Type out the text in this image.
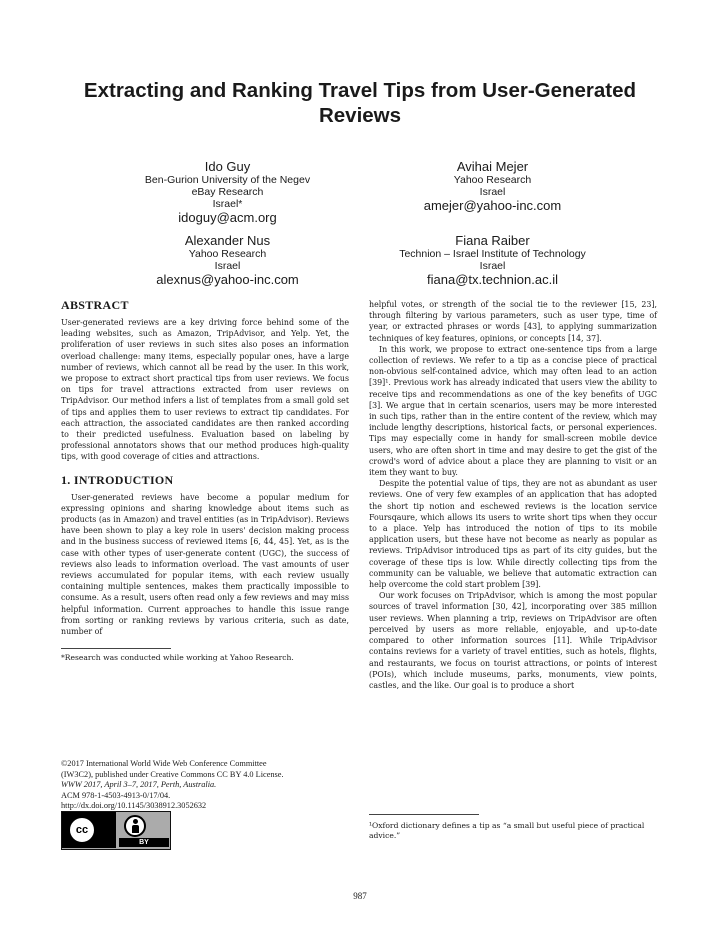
Extracting and Ranking Travel Tips from User-Generated Reviews
Ido Guy
Ben-Gurion University of the Negev
eBay Research
Israel*
idoguy@acm.org
Avihai Mejer
Yahoo Research
Israel
amejer@yahoo-inc.com
Alexander Nus
Yahoo Research
Israel
alexnus@yahoo-inc.com
Fiana Raiber
Technion – Israel Institute of Technology
Israel
fiana@tx.technion.ac.il
ABSTRACT

User-generated reviews are a key driving force behind some of the leading websites, such as Amazon, TripAdvisor, and Yelp. Yet, the proliferation of user reviews in such sites also poses an information overload challenge: many items, especially popular ones, have a large number of reviews, which cannot all be read by the user. In this work, we propose to extract short practical tips from user reviews. We focus on tips for travel attractions extracted from user reviews on TripAdvisor. Our method infers a list of templates from a small gold set of tips and applies them to user reviews to extract tip candidates. For each attraction, the associated candidates are then ranked according to their predicted usefulness. Evaluation based on labeling by professional annotators shows that our method produces high-quality tips, with good coverage of cities and attractions.

1. INTRODUCTION

User-generated reviews have become a popular medium for expressing opinions and sharing knowledge about items such as products (as in Amazon) and travel entities (as in TripAdvisor). Reviews have been shown to play a key role in users' decision making process and in the business success of reviewed items [6, 44, 45]. Yet, as is the case with other types of user-generate content (UGC), the success of reviews also leads to information overload. The vast amounts of user reviews accumulated for popular items, with each review usually containing multiple sentences, makes them practically impossible to consume. As a result, users often read only a few reviews and may miss helpful information. Current approaches to handle this issue range from sorting or ranking reviews by various criteria, such as date, number of

*Research was conducted while working at Yahoo Research.

©2017 International World Wide Web Conference Committee
(IW3C2), published under Creative Commons CC BY 4.0 License.
WWW 2017, April 3–7, 2017, Perth, Australia.
ACM 978-1-4503-4913-0/17/04.
http://dx.doi.org/10.1145/3038912.3052632
cc
BY

helpful votes, or strength of the social tie to the reviewer [15, 23], through filtering by various parameters, such as user type, time of year, or extracted phrases or words [43], to applying summarization techniques of key features, opinions, or concepts [14, 37].

In this work, we propose to extract one-sentence tips from a large collection of reviews. We refer to a tip as a concise piece of practical non-obvious self-contained advice, which may often lead to an action [39]¹. Previous work has already indicated that users view the ability to receive tips and recommendations as one of the key benefits of UGC [3]. We argue that in certain scenarios, users may be more interested in such tips, rather than in the entire content of the review, which may include lengthy descriptions, historical facts, or personal experiences. Tips may especially come in handy for small-screen mobile device users, who are often short in time and may desire to get the gist of the crowd's word of advice about a place they are planning to visit or an item they want to buy.

Despite the potential value of tips, they are not as abundant as user reviews. One of very few examples of an application that has adopted the short tip notion and eschewed reviews is the location service Foursqaure, which allows its users to write short tips when they occur to a place. Yelp has introduced the notion of tips to its mobile application users, but these have not become as nearly as popular as reviews. TripAdvisor introduced tips as part of its city guides, but the coverage of these tips is low. While directly collecting tips from the community can be valuable, we believe that automatic extraction can help overcome the cold start problem [39].

Our work focuses on TripAdvisor, which is among the most popular sources of travel information [30, 42], incorporating over 385 million user reviews. When planning a trip, reviews on TripAdvisor are often perceived by users as more reliable, enjoyable, and up-to-date compared to other information sources [11]. While TripAdvisor contains reviews for a variety of travel entities, such as hotels, flights, and restaurants, we focus on tourist attractions, or points of interest (POIs), which include museums, parks, monuments, view points, castles, and the like. Our goal is to produce a short

¹Oxford dictionary defines a tip as “a small but useful piece of practical advice.”

987
